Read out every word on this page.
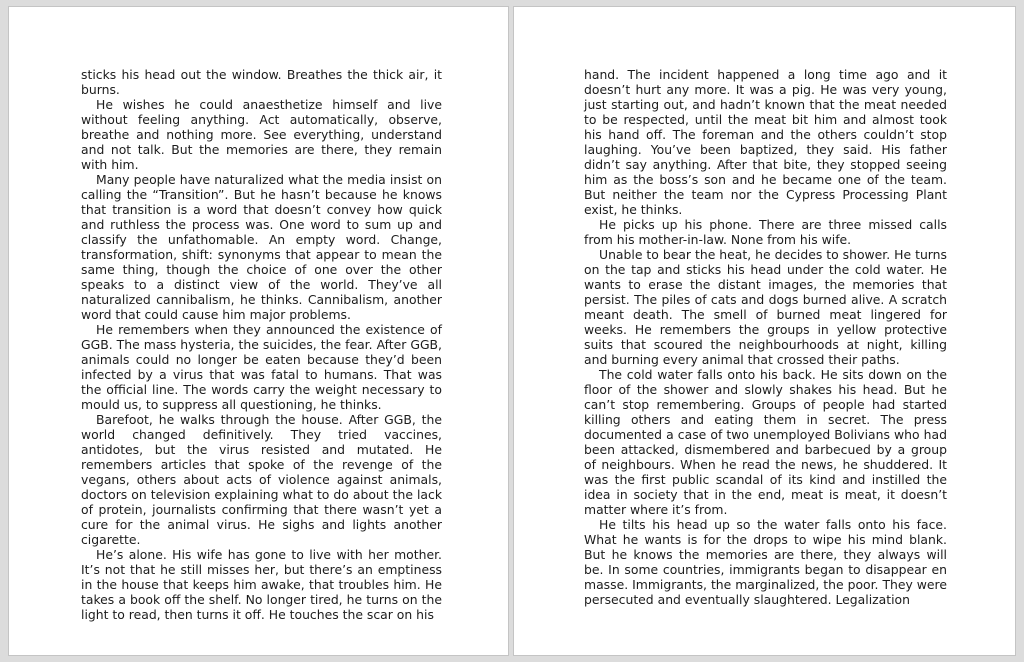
sticks his head out the window. Breathes the thick air, it burns.

He wishes he could anaesthetize himself and live without feeling anything. Act automatically, observe, breathe and nothing more. See everything, understand and not talk. But the memories are there, they remain with him.

Many people have naturalized what the media insist on calling the “Transition”. But he hasn’t because he knows that transition is a word that doesn’t convey how quick and ruthless the process was. One word to sum up and classify the unfathomable. An empty word. Change, transformation, shift: synonyms that appear to mean the same thing, though the choice of one over the other speaks to a distinct view of the world. They’ve all naturalized cannibalism, he thinks. Cannibalism, another word that could cause him major problems.

He remembers when they announced the existence of GGB. The mass hysteria, the suicides, the fear. After GGB, animals could no longer be eaten because they’d been infected by a virus that was fatal to humans. That was the official line. The words carry the weight necessary to mould us, to suppress all questioning, he thinks.

Barefoot, he walks through the house. After GGB, the world changed definitively. They tried vaccines, antidotes, but the virus resisted and mutated. He remembers articles that spoke of the revenge of the vegans, others about acts of violence against animals, doctors on television explaining what to do about the lack of protein, journalists confirming that there wasn’t yet a cure for the animal virus. He sighs and lights another cigarette.

He’s alone. His wife has gone to live with her mother. It’s not that he still misses her, but there’s an emptiness in the house that keeps him awake, that troubles him. He takes a book off the shelf. No longer tired, he turns on the light to read, then turns it off. He touches the scar on his

hand. The incident happened a long time ago and it doesn’t hurt any more. It was a pig. He was very young, just starting out, and hadn’t known that the meat needed to be respected, until the meat bit him and almost took his hand off. The foreman and the others couldn’t stop laughing. You’ve been baptized, they said. His father didn’t say anything. After that bite, they stopped seeing him as the boss’s son and he became one of the team. But neither the team nor the Cypress Processing Plant exist, he thinks.

He picks up his phone. There are three missed calls from his mother-in-law. None from his wife.

Unable to bear the heat, he decides to shower. He turns on the tap and sticks his head under the cold water. He wants to erase the distant images, the memories that persist. The piles of cats and dogs burned alive. A scratch meant death. The smell of burned meat lingered for weeks. He remembers the groups in yellow protective suits that scoured the neighbourhoods at night, killing and burning every animal that crossed their paths.

The cold water falls onto his back. He sits down on the floor of the shower and slowly shakes his head. But he can’t stop remembering. Groups of people had started killing others and eating them in secret. The press documented a case of two unemployed Bolivians who had been attacked, dismembered and barbecued by a group of neighbours. When he read the news, he shuddered. It was the first public scandal of its kind and instilled the idea in society that in the end, meat is meat, it doesn’t matter where it’s from.

He tilts his head up so the water falls onto his face. What he wants is for the drops to wipe his mind blank. But he knows the memories are there, they always will be. In some countries, immigrants began to disappear en masse. Immigrants, the marginalized, the poor. They were persecuted and eventually slaughtered. Legalization
